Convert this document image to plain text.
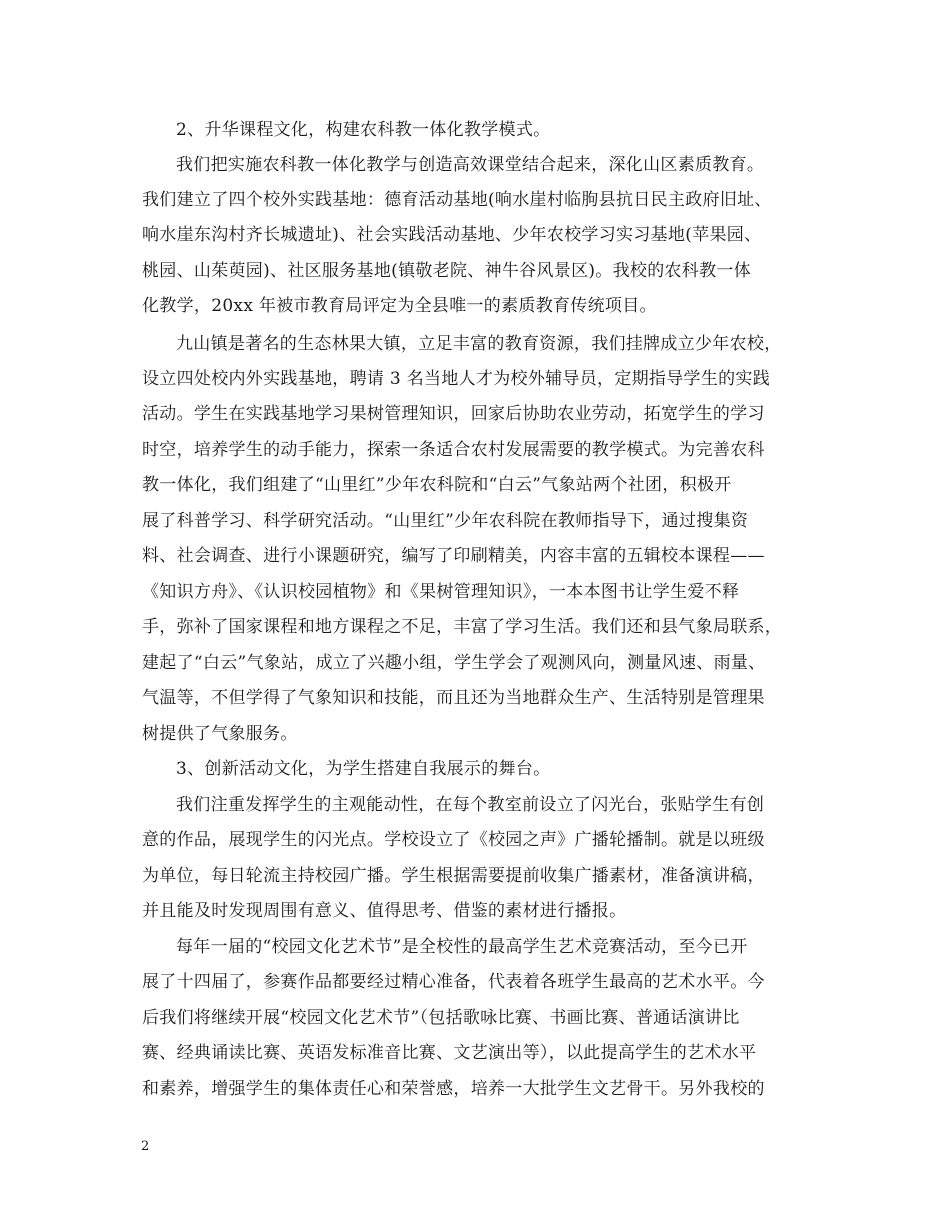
2、升华课程文化，构建农科教一体化教学模式。
我们把实施农科教一体化教学与创造高效课堂结合起来，深化山区素质教育。
我们建立了四个校外实践基地：德育活动基地(响水崖村临朐县抗日民主政府旧址、
响水崖东沟村齐长城遗址)、社会实践活动基地、少年农校学习实习基地(苹果园、
桃园、山茱萸园)、社区服务基地(镇敬老院、神牛谷风景区)。我校的农科教一体
化教学，20xx 年被市教育局评定为全县唯一的素质教育传统项目。
九山镇是著名的生态林果大镇，立足丰富的教育资源，我们挂牌成立少年农校，
设立四处校内外实践基地，聘请 3 名当地人才为校外辅导员，定期指导学生的实践
活动。学生在实践基地学习果树管理知识，回家后协助农业劳动，拓宽学生的学习
时空，培养学生的动手能力，探索一条适合农村发展需要的教学模式。为完善农科
教一体化，我们组建了“山里红”少年农科院和“白云”气象站两个社团，积极开
展了科普学习、科学研究活动。“山里红”少年农科院在教师指导下，通过搜集资
料、社会调查、进行小课题研究，编写了印刷精美，内容丰富的五辑校本课程——
《知识方舟》、《认识校园植物》和《果树管理知识》，一本本图书让学生爱不释
手，弥补了国家课程和地方课程之不足，丰富了学习生活。我们还和县气象局联系，
建起了“白云”气象站，成立了兴趣小组，学生学会了观测风向，测量风速、雨量、
气温等，不但学得了气象知识和技能，而且还为当地群众生产、生活特别是管理果
树提供了气象服务。
3、创新活动文化，为学生搭建自我展示的舞台。
我们注重发挥学生的主观能动性，在每个教室前设立了闪光台，张贴学生有创
意的作品，展现学生的闪光点。学校设立了《校园之声》广播轮播制。就是以班级
为单位，每日轮流主持校园广播。学生根据需要提前收集广播素材，准备演讲稿，
并且能及时发现周围有意义、值得思考、借鉴的素材进行播报。
每年一届的“校园文化艺术节”是全校性的最高学生艺术竞赛活动，至今已开
展了十四届了，参赛作品都要经过精心准备，代表着各班学生最高的艺术水平。今
后我们将继续开展“校园文化艺术节”（包括歌咏比赛、书画比赛、普通话演讲比
赛、经典诵读比赛、英语发标准音比赛、文艺演出等），以此提高学生的艺术水平
和素养，增强学生的集体责任心和荣誉感，培养一大批学生文艺骨干。另外我校的
2
